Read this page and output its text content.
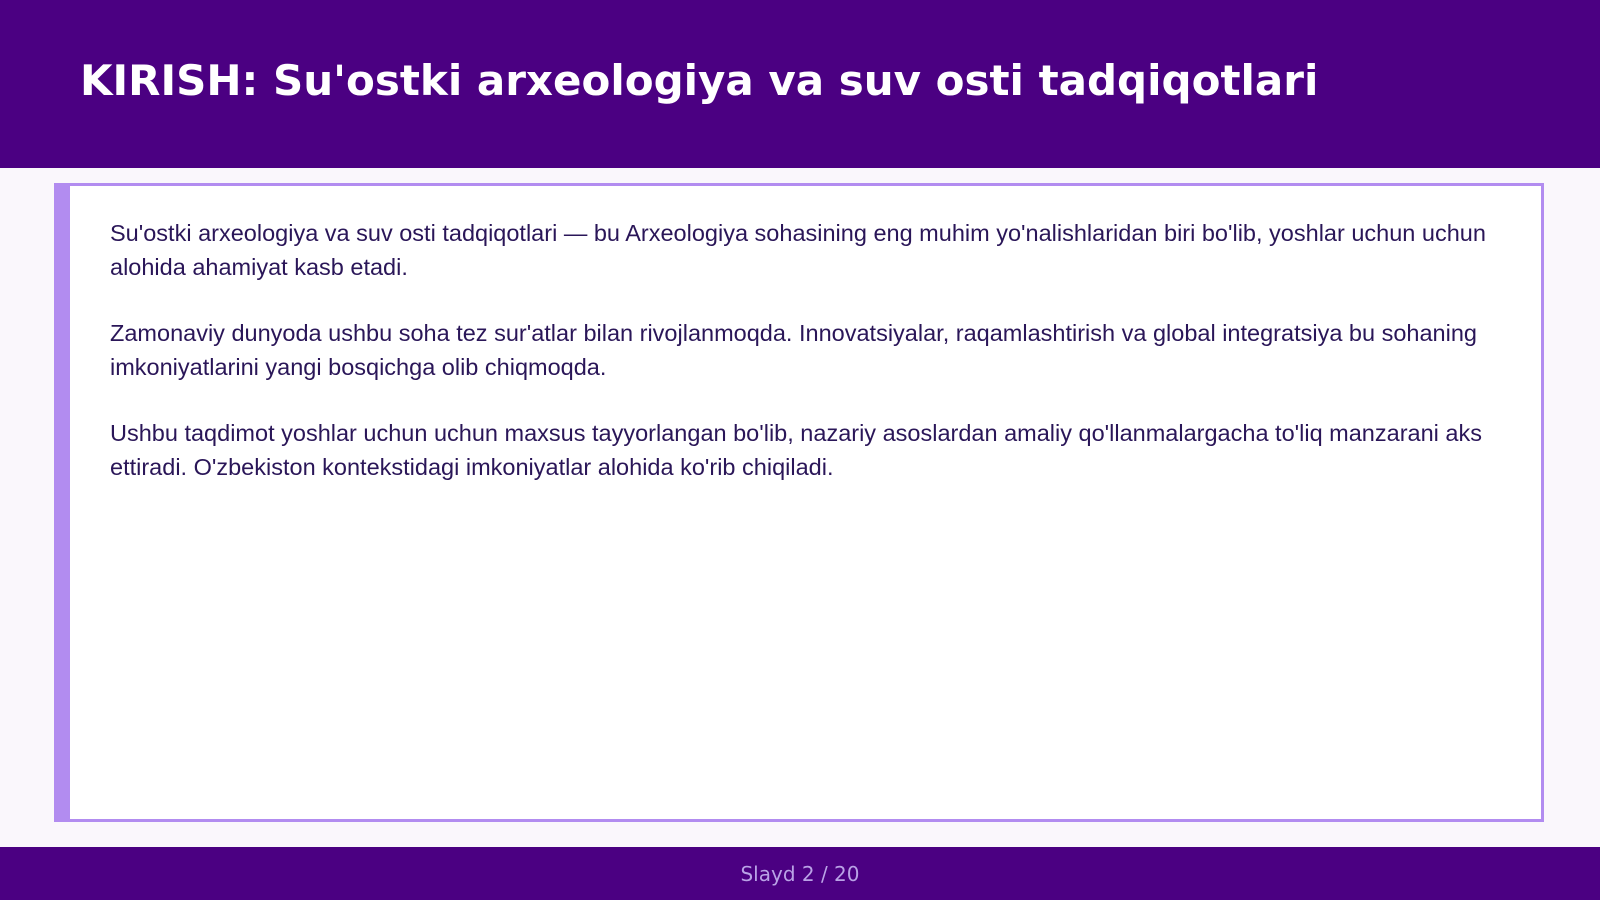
KIRISH: Su'ostki arxeologiya va suv osti tadqiqotlari

Su'ostki arxeologiya va suv osti tadqiqotlari — bu Arxeologiya sohasining eng muhim yo'nalishlaridan biri bo'lib, yoshlar uchun uchun alohida ahamiyat kasb etadi.

Zamonaviy dunyoda ushbu soha tez sur'atlar bilan rivojlanmoqda. Innovatsiyalar, raqamlashtirish va global integratsiya bu sohaning imkoniyatlarini yangi bosqichga olib chiqmoqda.

Ushbu taqdimot yoshlar uchun uchun maxsus tayyorlangan bo'lib, nazariy asoslardan amaliy qo'llanmalargacha to'liq manzarani aks ettiradi. O'zbekiston kontekstidagi imkoniyatlar alohida ko'rib chiqiladi.

Slayd 2 / 20
